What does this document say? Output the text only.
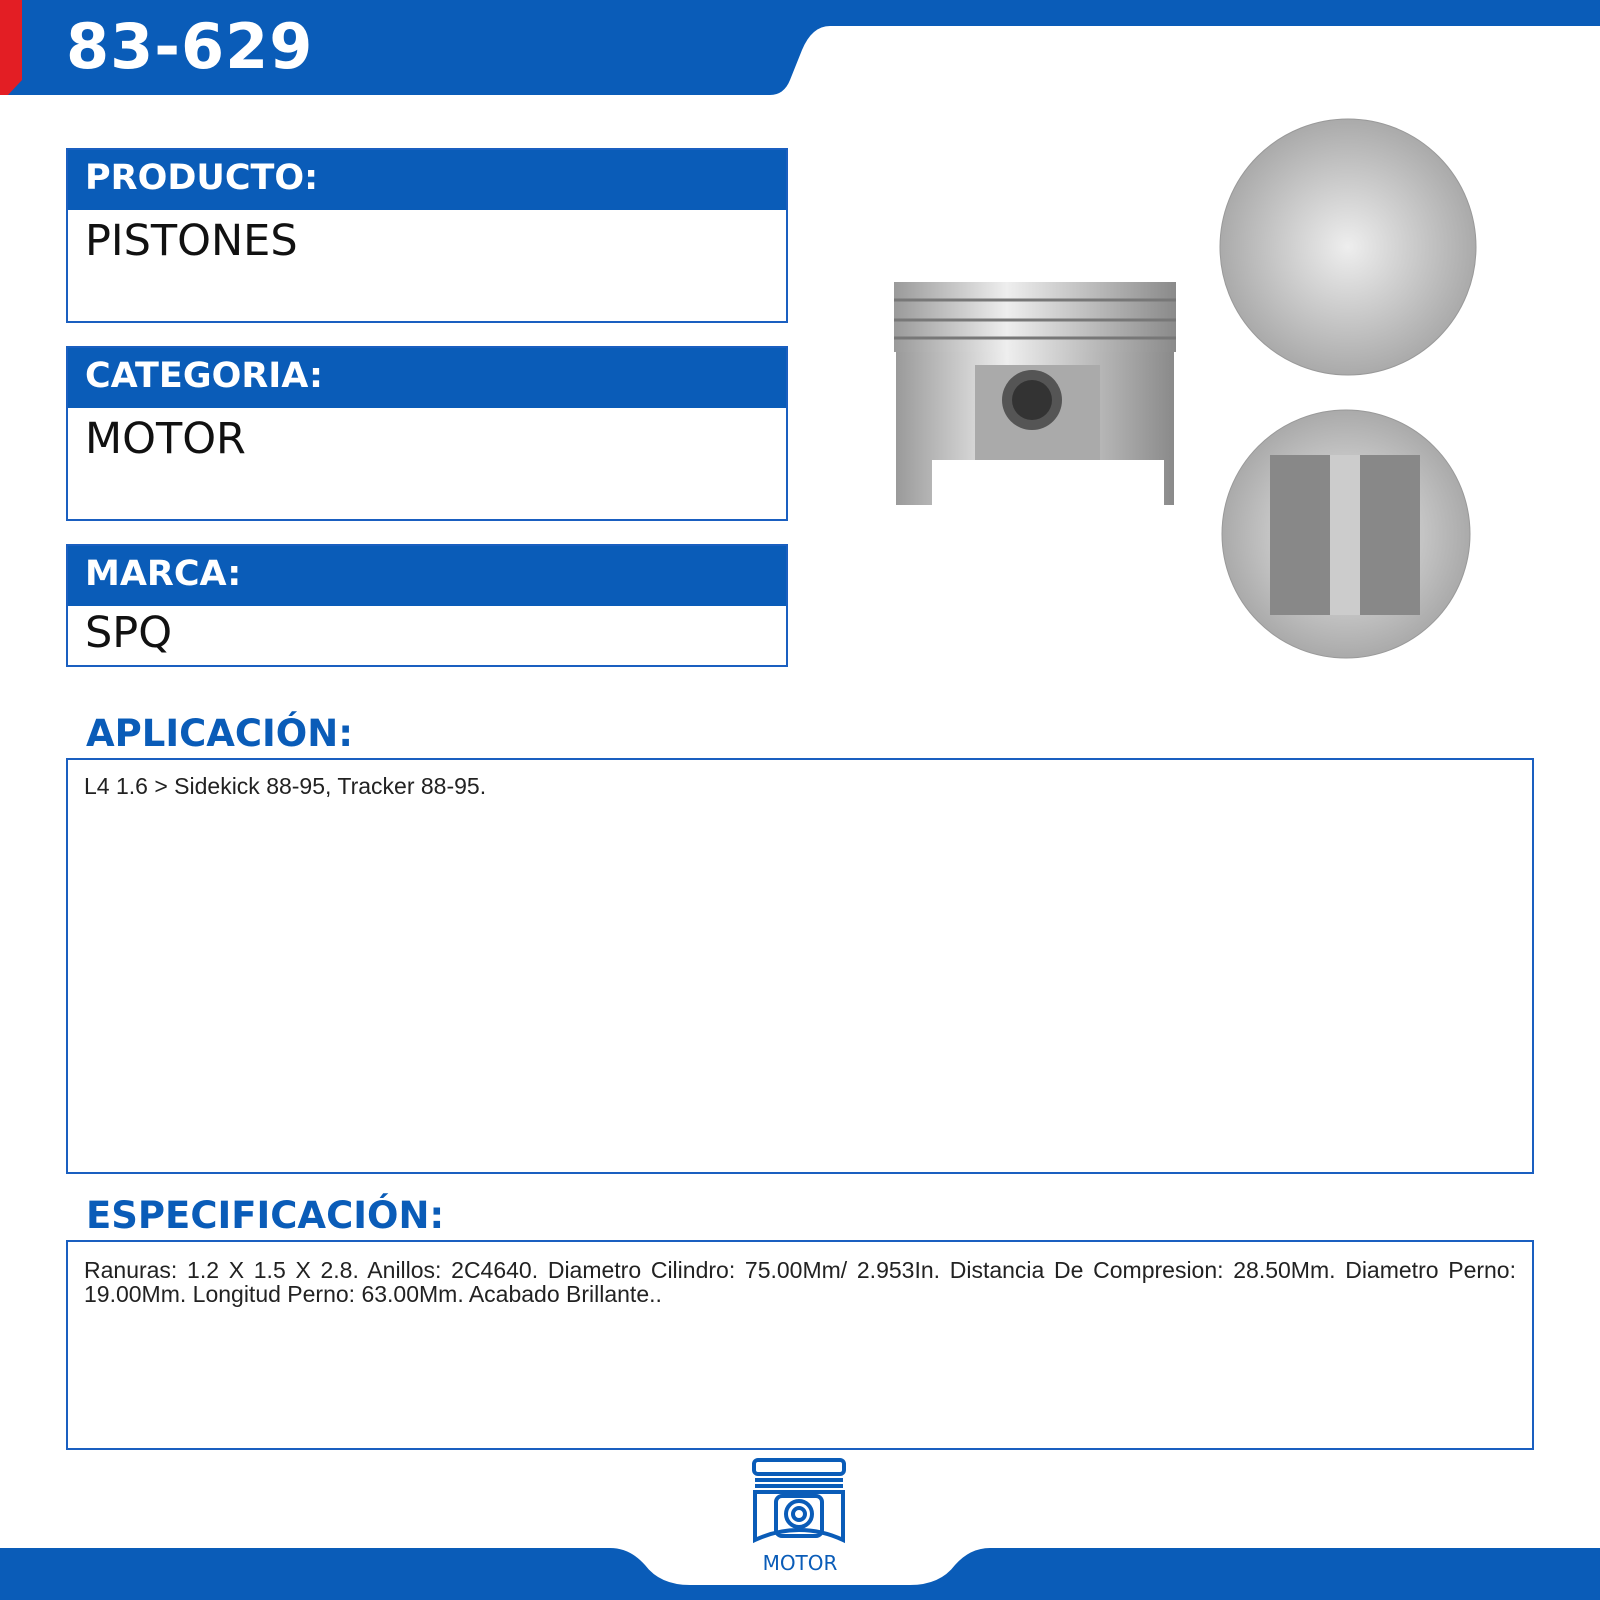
83-629
PRODUCTO:
PISTONES
CATEGORIA:
MOTOR
MARCA:
SPQ
APLICACIÓN:
L4 1.6 > Sidekick 88-95, Tracker 88-95.
ESPECIFICACIÓN:
Ranuras: 1.2 X 1.5 X 2.8. Anillos: 2C4640. Diametro Cilindro: 75.00Mm/ 2.953In. Distancia De Compresion: 28.50Mm. Diametro Perno: 19.00Mm. Longitud Perno: 63.00Mm. Acabado Brillante..
MOTOR
